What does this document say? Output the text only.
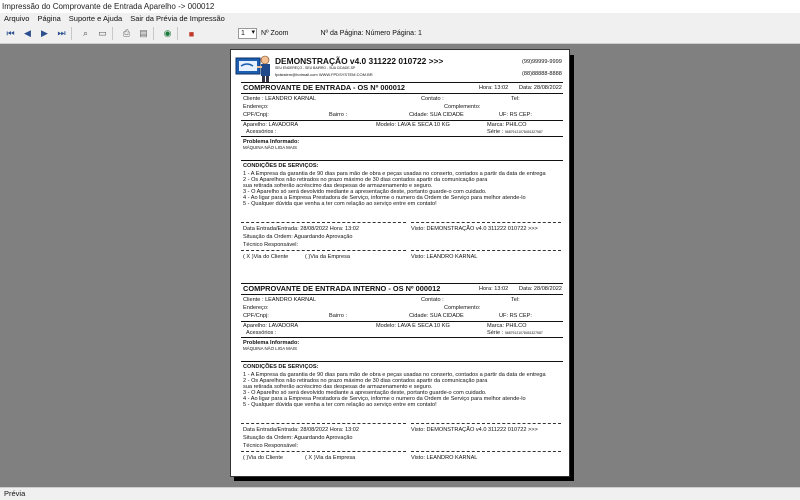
Impressão do Comprovante de Entrada Aparelho -> 000012
Arquivo Página Suporte e Ajuda Sair da Prévia de Impressão
⏮	◀	▶	⏭	⌕	▭	⎙	▤ ◉	■	1 ▾	Nº Zoom	Nº da Página: Número Página: 1
DEMONSTRAÇÃO v4.0 311222 010722 >>>
SEU ENDEREÇO - SEU BAIRRO - SUA CIDADE-SP
fpdsistem@hotmail.com WWW.FPDSYSTEM.COM.BR
(99)99999-9999
(88)88888-8888
COMPROVANTE DE ENTRADA - OS Nº 000012	Hora: 13:02 Data: 28/08/2022
Cliente : LEANDRO KARNAL	Contato :	Tel:
Endereço:	Complemento:
CPF/Cnpj:	Bairro :	Cidade: SUA CIDADE	UF: RS CEP:
Aparelho: LAVADORA	Modelo: LAVA E SECA 10 KG	Marca: PHILCO
Acessórios :	Série : 56879121078451327587
Problema Informado:
MÁQUINA NÃO LIGA MAIS
CONDIÇÕES DE SERVIÇOS:
1 - A Empresa da garantia de 90 dias para mão de obra e peças usadas no conserto, contados a partir da data de entrega
2 - Os Aparelhos não retirados no prazo máximo de 30 dias contados apartir da comunicação para
sua retirada sofrerão acréscimo das despesas de armazenamento e seguro.
3 - O Aparelho só será devolvido mediante a apresentação deste, portanto guarde-o com cuidado.
4 - Ao ligar para a Empresa Prestadora de Serviço, informe o numero da Ordem de Serviço para melhor atende-lo
5 - Qualquer dúvida que venha a ter com relação ao serviço entre em contato!
Data Entrada/Entrada: 28/08/2022 Hora: 13:02	Visto: DEMONSTRAÇÃO v4.0 311222 010722 >>>
Situação da Ordem: Aguardando Aprovação
Técnico Responsável:
( X )Via do Cliente	( )Via da Empresa	Visto: LEANDRO KARNAL
COMPROVANTE DE ENTRADA INTERNO - OS Nº 000012	Hora: 13:02 Data: 28/08/2022
Cliente : LEANDRO KARNAL	Contato :	Tel:
Endereço:	Complemento:
CPF/Cnpj:	Bairro :	Cidade: SUA CIDADE	UF: RS CEP:
Aparelho: LAVADORA	Modelo: LAVA E SECA 10 KG	Marca: PHILCO
Acessórios :	Série : 56879121078451327587
Problema Informado:
MÁQUINA NÃO LIGA MAIS
CONDIÇÕES DE SERVIÇOS:
1 - A Empresa da garantia de 90 dias para mão de obra e peças usadas no conserto, contados a partir da data de entrega
2 - Os Aparelhos não retirados no prazo máximo de 30 dias contados apartir da comunicação para
sua retirada sofrerão acréscimo das despesas de armazenamento e seguro.
3 - O Aparelho só será devolvido mediante a apresentação deste, portanto guarde-o com cuidado.
4 - Ao ligar para a Empresa Prestadora de Serviço, informe o numero da Ordem de Serviço para melhor atende-lo
5 - Qualquer dúvida que venha a ter com relação ao serviço entre em contato!
Data Entrada/Entrada: 28/08/2022 Hora: 13:02	Visto: DEMONSTRAÇÃO v4.0 311222 010722 >>>
Situação da Ordem: Aguardando Aprovação
Técnico Responsável:
( )Via do Cliente	( X )Via da Empresa	Visto: LEANDRO KARNAL
Prévia
